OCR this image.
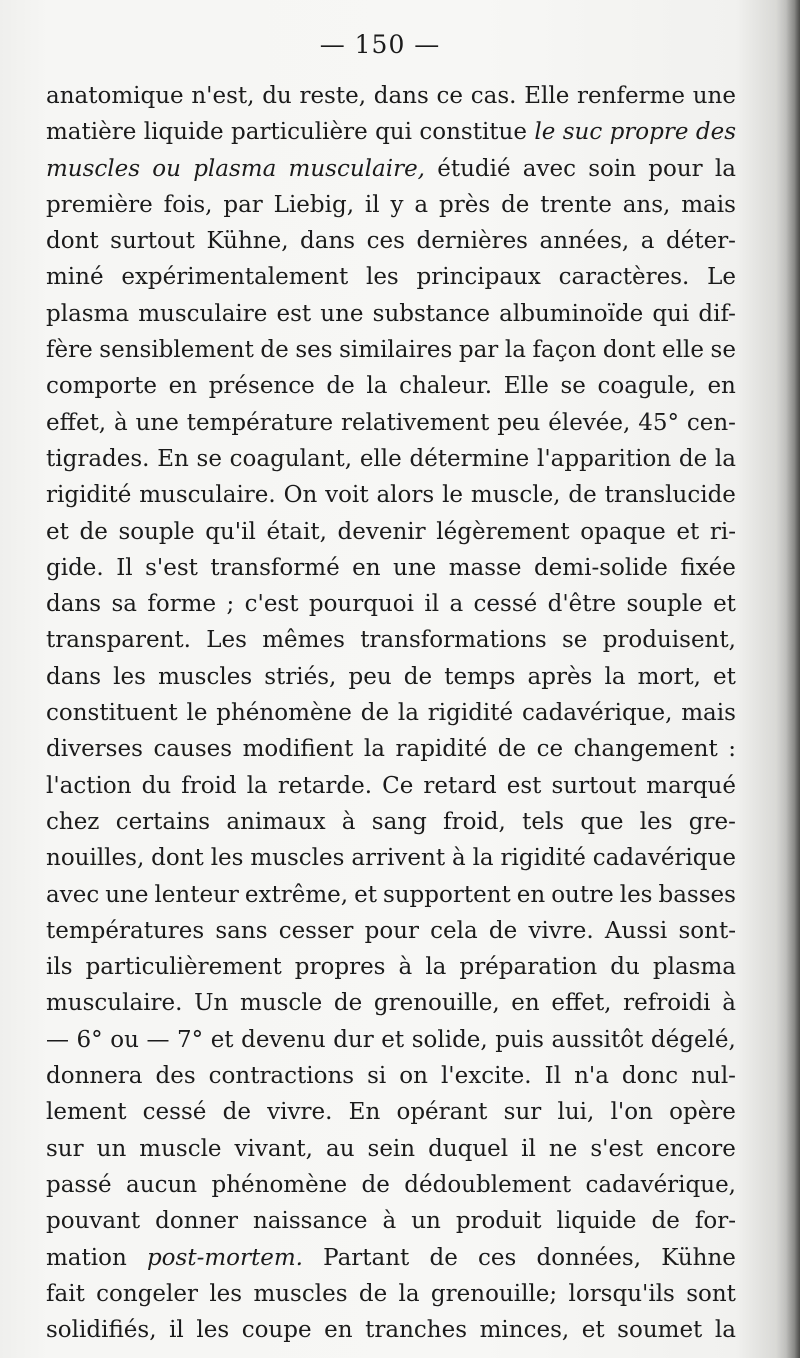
— 150 —
anatomique n'est, du reste, dans ce cas. Elle renferme une
matière liquide particulière qui constitue le suc propre des
muscles ou plasma musculaire, étudié avec soin pour la
première fois, par Liebig, il y a près de trente ans, mais
dont surtout Kühne, dans ces dernières années, a déter-
miné expérimentalement les principaux caractères. Le
plasma musculaire est une substance albuminoïde qui dif-
fère sensiblement de ses similaires par la façon dont elle se
comporte en présence de la chaleur. Elle se coagule, en
effet, à une température relativement peu élevée, 45° cen-
tigrades. En se coagulant, elle détermine l'apparition de la
rigidité musculaire. On voit alors le muscle, de translucide
et de souple qu'il était, devenir légèrement opaque et ri-
gide. Il s'est transformé en une masse demi-solide fixée
dans sa forme ; c'est pourquoi il a cessé d'être souple et
transparent. Les mêmes transformations se produisent,
dans les muscles striés, peu de temps après la mort, et
constituent le phénomène de la rigidité cadavérique, mais
diverses causes modifient la rapidité de ce changement :
l'action du froid la retarde. Ce retard est surtout marqué
chez certains animaux à sang froid, tels que les gre-
nouilles, dont les muscles arrivent à la rigidité cadavérique
avec une lenteur extrême, et supportent en outre les basses
températures sans cesser pour cela de vivre. Aussi sont-
ils particulièrement propres à la préparation du plasma
musculaire. Un muscle de grenouille, en effet, refroidi à
— 6° ou — 7° et devenu dur et solide, puis aussitôt dégelé,
donnera des contractions si on l'excite. Il n'a donc nul-
lement cessé de vivre. En opérant sur lui, l'on opère
sur un muscle vivant, au sein duquel il ne s'est encore
passé aucun phénomène de dédoublement cadavérique,
pouvant donner naissance à un produit liquide de for-
mation post-mortem. Partant de ces données, Kühne
fait congeler les muscles de la grenouille; lorsqu'ils sont
solidifiés, il les coupe en tranches minces, et soumet la
